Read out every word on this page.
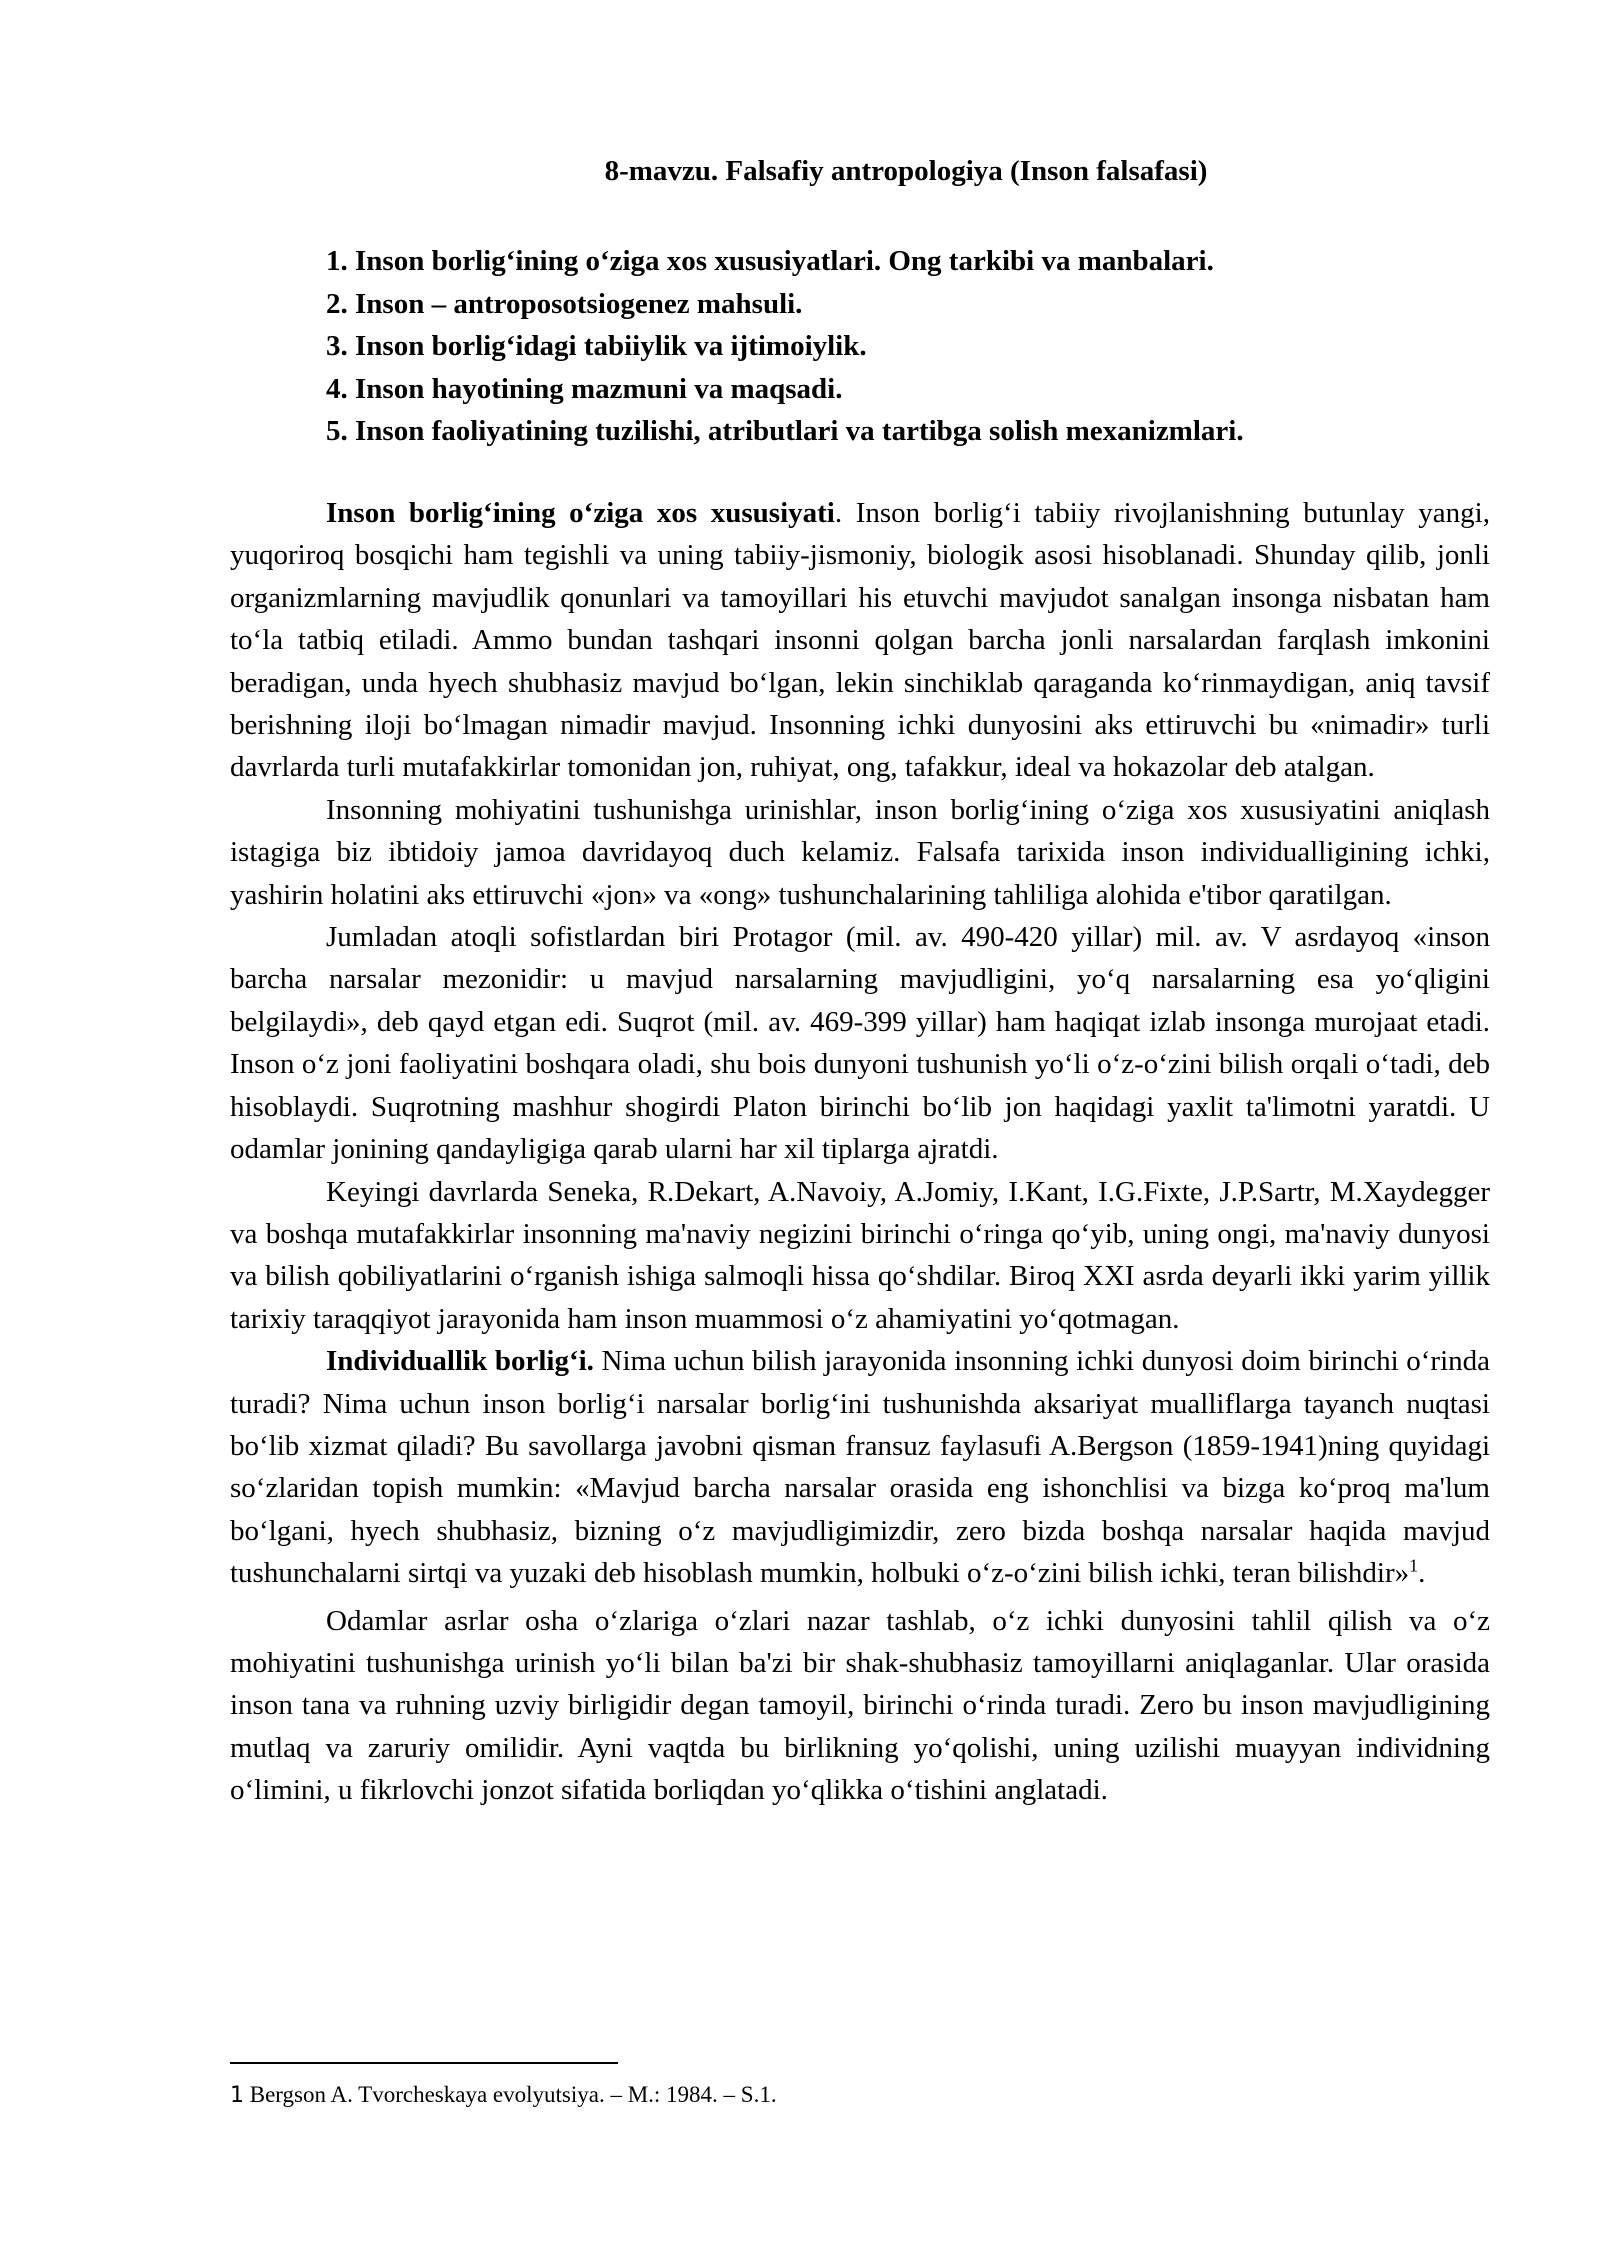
8-mavzu. Falsafiy antropologiya (Inson falsafasi)
1. Inson borlig‘ining o‘ziga xos xususiyatlari. Ong tarkibi va manbalari.
2. Inson – antroposotsiogenez mahsuli.
3. Inson borlig‘idagi tabiiylik va ijtimoiylik.
4. Inson hayotining mazmuni va maqsadi.
5. Inson faoliyatining tuzilishi, atributlari va tartibga solish mexanizmlari.

Inson borlig‘ining o‘ziga xos xususiyati. Inson borlig‘i tabiiy rivojlanishning butunlay yangi, yuqoriroq bosqichi ham tegishli va uning tabiiy-jismoniy, biologik asosi hisoblanadi. Shunday qilib, jonli organizmlarning mavjudlik qonunlari va tamoyillari his etuvchi mavjudot sanalgan insonga nisbatan ham to‘la tatbiq etiladi. Ammo bundan tashqari insonni qolgan barcha jonli narsalardan farqlash imkonini beradigan, unda hyech shubhasiz mavjud bo‘lgan, lekin sinchiklab qaraganda ko‘rinmaydigan, aniq tavsif berishning iloji bo‘lmagan nimadir mavjud. Insonning ichki dunyosini aks ettiruvchi bu «nimadir» turli davrlarda turli mutafakkirlar tomonidan jon, ruhiyat, ong, tafakkur, ideal va hokazolar deb atalgan.

Insonning mohiyatini tushunishga urinishlar, inson borlig‘ining o‘ziga xos xususiyatini aniqlash istagiga biz ibtidoiy jamoa davridayoq duch kelamiz. Falsafa tarixida inson individualligining ichki, yashirin holatini aks ettiruvchi «jon» va «ong» tushunchalarining tahliliga alohida e'tibor qaratilgan.

Jumladan atoqli sofistlardan biri Protagor (mil. av. 490-420 yillar) mil. av. V asrdayoq «inson barcha narsalar mezonidir: u mavjud narsalarning mavjudligini, yo‘q narsalarning esa yo‘qligini belgilaydi», deb qayd etgan edi. Suqrot (mil. av. 469-399 yillar) ham haqiqat izlab insonga murojaat etadi. Inson o‘z joni faoliyatini boshqara oladi, shu bois dunyoni tushunish yo‘li o‘z-o‘zini bilish orqali o‘tadi, deb hisoblaydi. Suqrotning mashhur shogirdi Platon birinchi bo‘lib jon haqidagi yaxlit ta'limotni yaratdi. U odamlar jonining qandayligiga qarab ularni har xil tiplarga ajratdi.

Keyingi davrlarda Seneka, R.Dekart, A.Navoiy, A.Jomiy, I.Kant, I.G.Fixte, J.P.Sartr, M.Xaydegger va boshqa mutafakkirlar insonning ma'naviy negizini birinchi o‘ringa qo‘yib, uning ongi, ma'naviy dunyosi va bilish qobiliyatlarini o‘rganish ishiga salmoqli hissa qo‘shdilar. Biroq XXI asrda deyarli ikki yarim yillik tarixiy taraqqiyot jarayonida ham inson muammosi o‘z ahamiyatini yo‘qotmagan.

Individuallik borlig‘i. Nima uchun bilish jarayonida insonning ichki dunyosi doim birinchi o‘rinda turadi? Nima uchun inson borlig‘i narsalar borlig‘ini tushunishda aksariyat mualliflarga tayanch nuqtasi bo‘lib xizmat qiladi? Bu savollarga javobni qisman fransuz faylasufi A.Bergson (1859-1941)ning quyidagi so‘zlaridan topish mumkin: «Mavjud barcha narsalar orasida eng ishonchlisi va bizga ko‘proq ma'lum bo‘lgani, hyech shubhasiz, bizning o‘z mavjudligimizdir, zero bizda boshqa narsalar haqida mavjud tushunchalarni sirtqi va yuzaki deb hisoblash mumkin, holbuki o‘z-o‘zini bilish ichki, teran bilishdir»$^1$.

Odamlar asrlar osha o‘zlariga o‘zlari nazar tashlab, o‘z ichki dunyosini tahlil qilish va o‘z mohiyatini tushunishga urinish yo‘li bilan ba'zi bir shak-shubhasiz tamoyillarni aniqlaganlar. Ular orasida inson tana va ruhning uzviy birligidir degan tamoyil, birinchi o‘rinda turadi. Zero bu inson mavjudligining mutlaq va zaruriy omilidir. Ayni vaqtda bu birlikning yo‘qolishi, uning uzilishi muayyan individning o‘limini, u fikrlovchi jonzot sifatida borliqdan yo‘qlikka o‘tishini anglatadi.

1 Bergson A. Tvorcheskaya evolyutsiya. – M.: 1984. – S.1.
